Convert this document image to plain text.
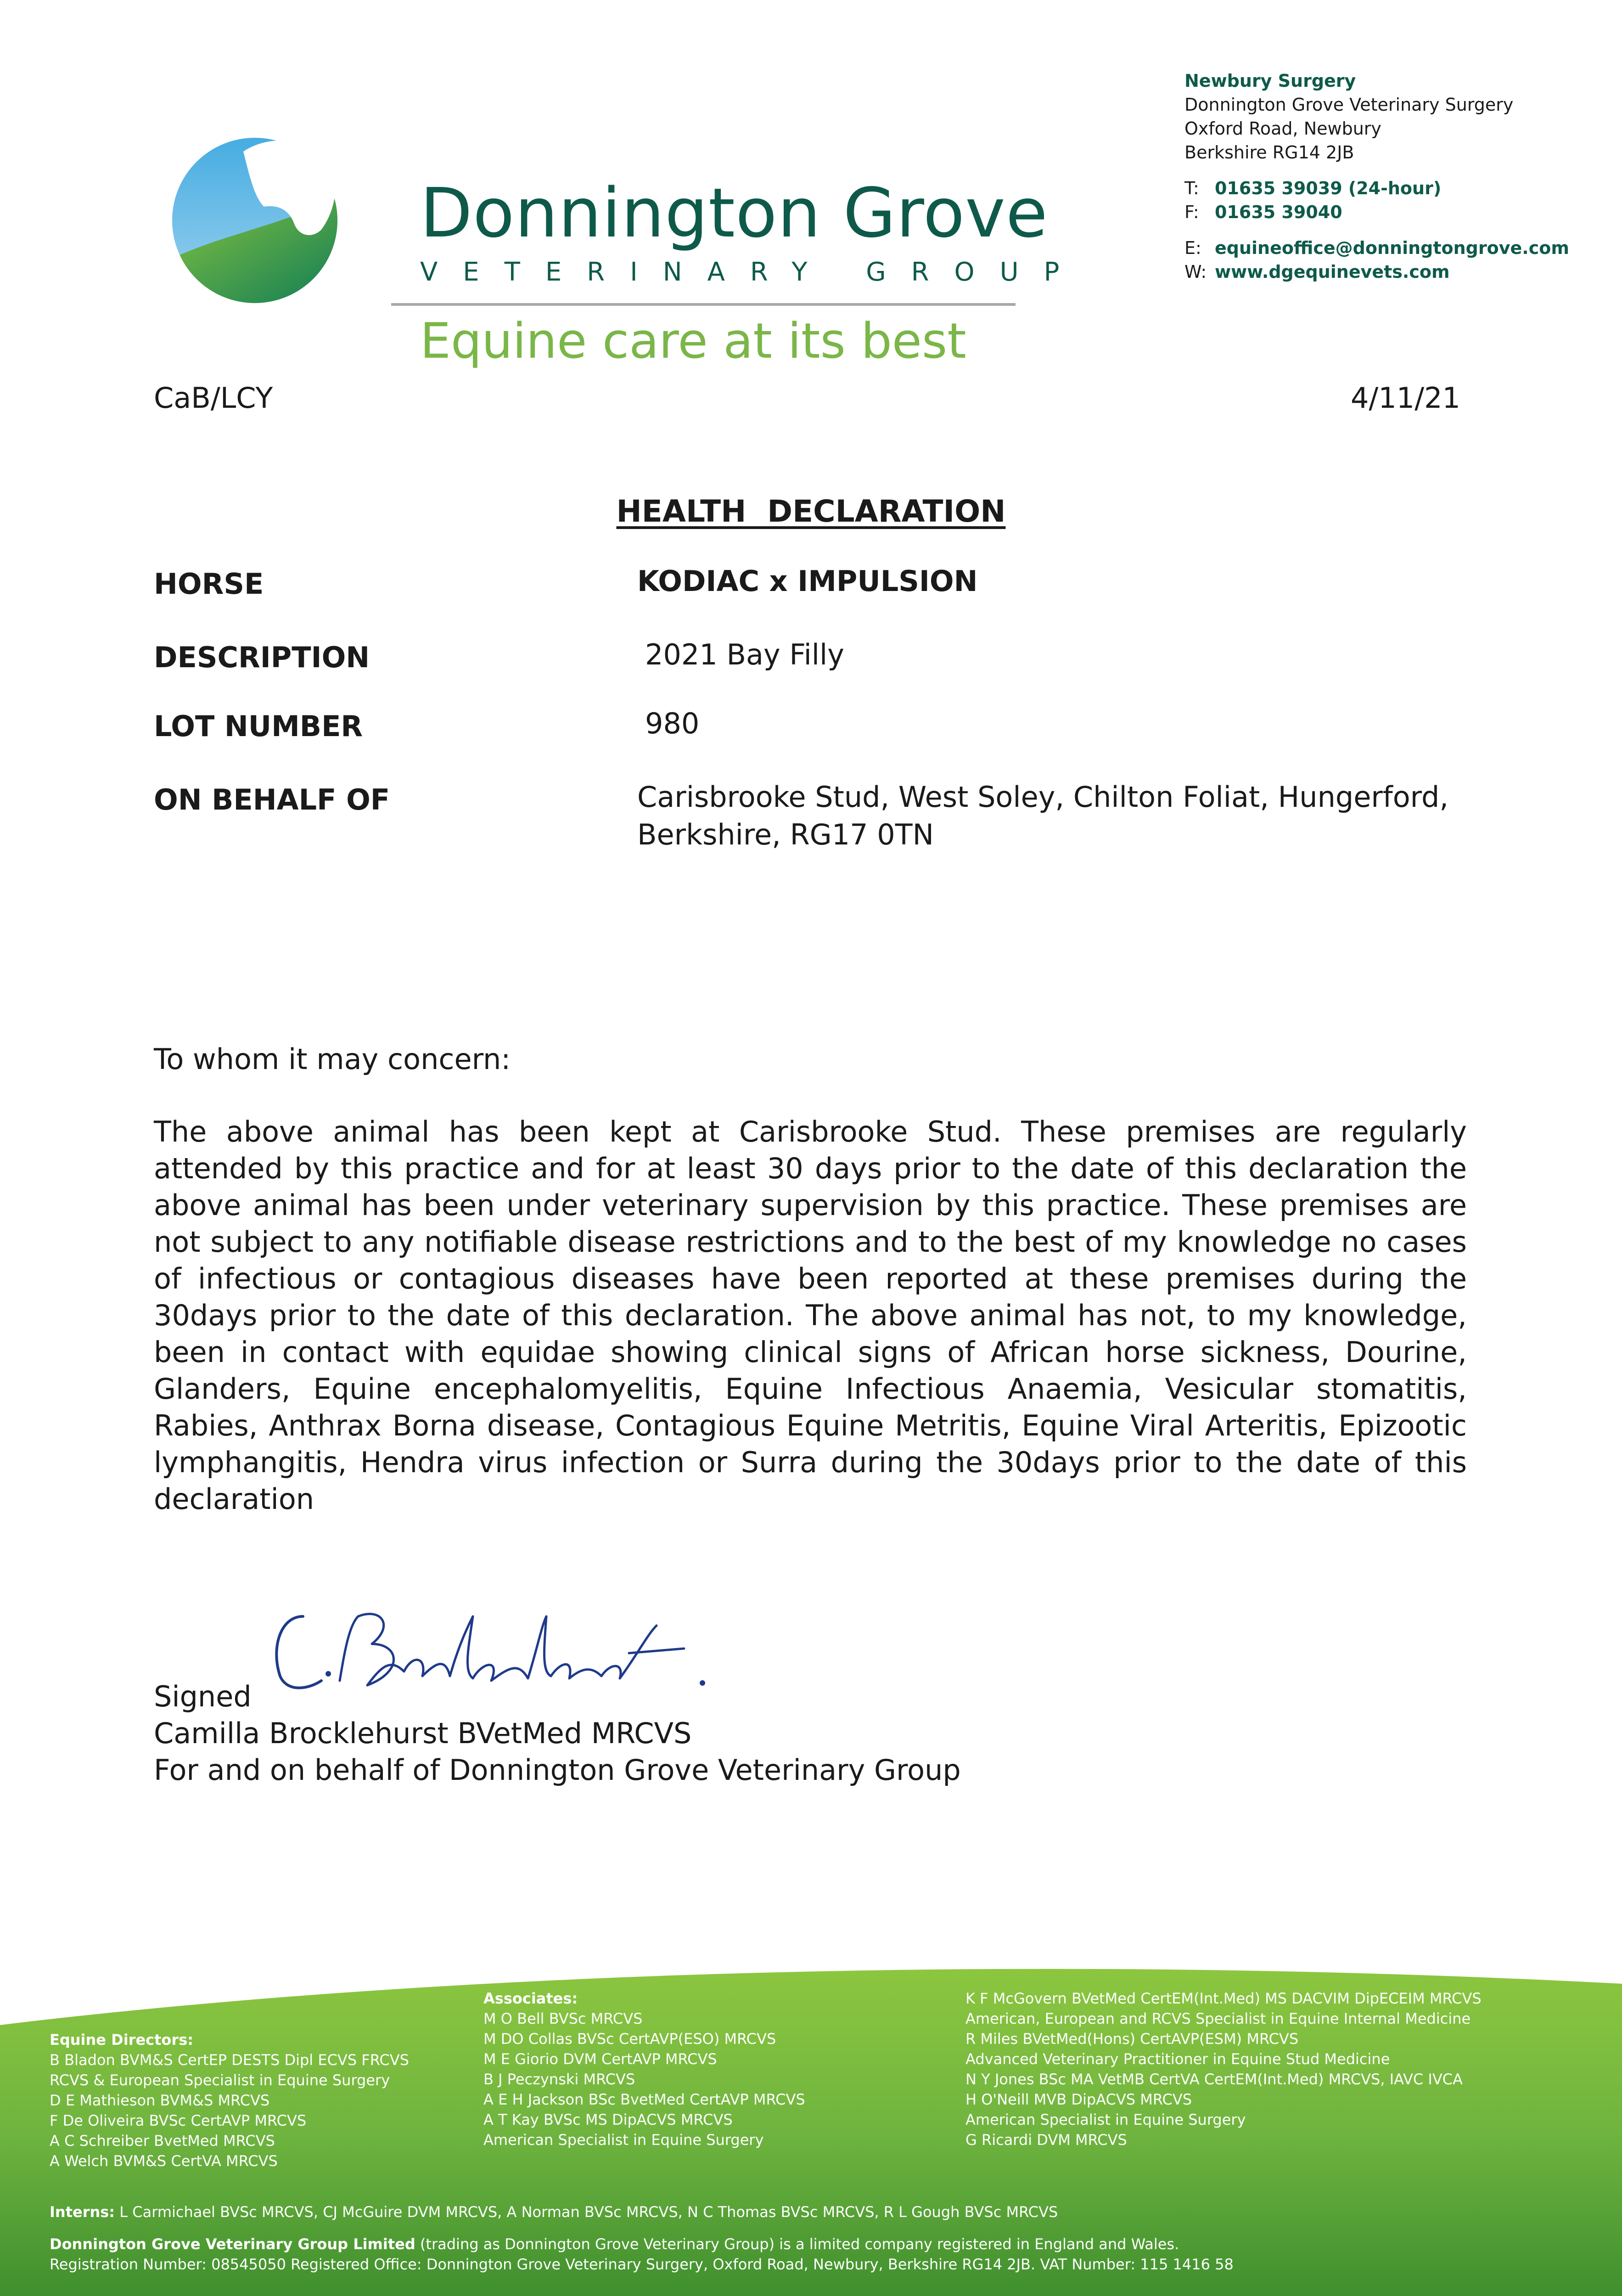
Donnington Grove
VETERINARY GROUP
Equine care at its best
Newbury Surgery
Donnington Grove Veterinary Surgery
Oxford Road, Newbury
Berkshire RG14 2JB
T: 01635 39039 (24-hour)
F: 01635 39040
E: equineoffice@donningtongrove.com
W: www.dgequinevets.com
CaB/LCY	4/11/21
HEALTH  DECLARATION
HORSE	KODIAC x IMPULSION
DESCRIPTION	2021 Bay Filly
LOT NUMBER	980
ON BEHALF OF	Carisbrooke Stud, West Soley, Chilton Foliat, Hungerford,
Berkshire, RG17 0TN
To whom it may concern:
The above animal has been kept at Carisbrooke Stud. These premises are regularly attended by this practice and for at least 30 days prior to the date of this declaration the above animal has been under veterinary supervision by this practice. These premises are not subject to any notifiable disease restrictions and to the best of my knowledge no cases of infectious or contagious diseases have been reported at these premises during the 30days prior to the date of this declaration. The above animal has not, to my knowledge, been in contact with equidae showing clinical signs of African horse sickness, Dourine, Glanders, Equine encephalomyelitis, Equine Infectious Anaemia, Vesicular stomatitis, Rabies, Anthrax Borna disease, Contagious Equine Metritis, Equine Viral Arteritis, Epizootic lymphangitis, Hendra virus infection or Surra during the 30days prior to the date of this declaration
Signed
Camilla Brocklehurst BVetMed MRCVS
For and on behalf of Donnington Grove Veterinary Group
Equine Directors:
B Bladon BVM&S CertEP DESTS Dipl ECVS FRCVS
RCVS & European Specialist in Equine Surgery
D E Mathieson BVM&S MRCVS
F De Oliveira BVSc CertAVP MRCVS
A C Schreiber BvetMed MRCVS
A Welch BVM&S CertVA MRCVS
Associates:
M O Bell BVSc MRCVS
M DO Collas BVSc CertAVP(ESO) MRCVS
M E Giorio DVM CertAVP MRCVS
B J Peczynski MRCVS
A E H Jackson BSc BvetMed CertAVP MRCVS
A T Kay BVSc MS DipACVS MRCVS
American Specialist in Equine Surgery
K F McGovern BVetMed CertEM(Int.Med) MS DACVIM DipECEIM MRCVS
American, European and RCVS Specialist in Equine Internal Medicine
R Miles BVetMed(Hons) CertAVP(ESM) MRCVS
Advanced Veterinary Practitioner in Equine Stud Medicine
N Y Jones BSc MA VetMB CertVA CertEM(Int.Med) MRCVS, IAVC IVCA
H O'Neill MVB DipACVS MRCVS
American Specialist in Equine Surgery
G Ricardi DVM MRCVS
Interns: L Carmichael BVSc MRCVS, CJ McGuire DVM MRCVS, A Norman BVSc MRCVS, N C Thomas BVSc MRCVS, R L Gough BVSc MRCVS
Donnington Grove Veterinary Group Limited (trading as Donnington Grove Veterinary Group) is a limited company registered in England and Wales.
Registration Number: 08545050 Registered Office: Donnington Grove Veterinary Surgery, Oxford Road, Newbury, Berkshire RG14 2JB. VAT Number: 115 1416 58
